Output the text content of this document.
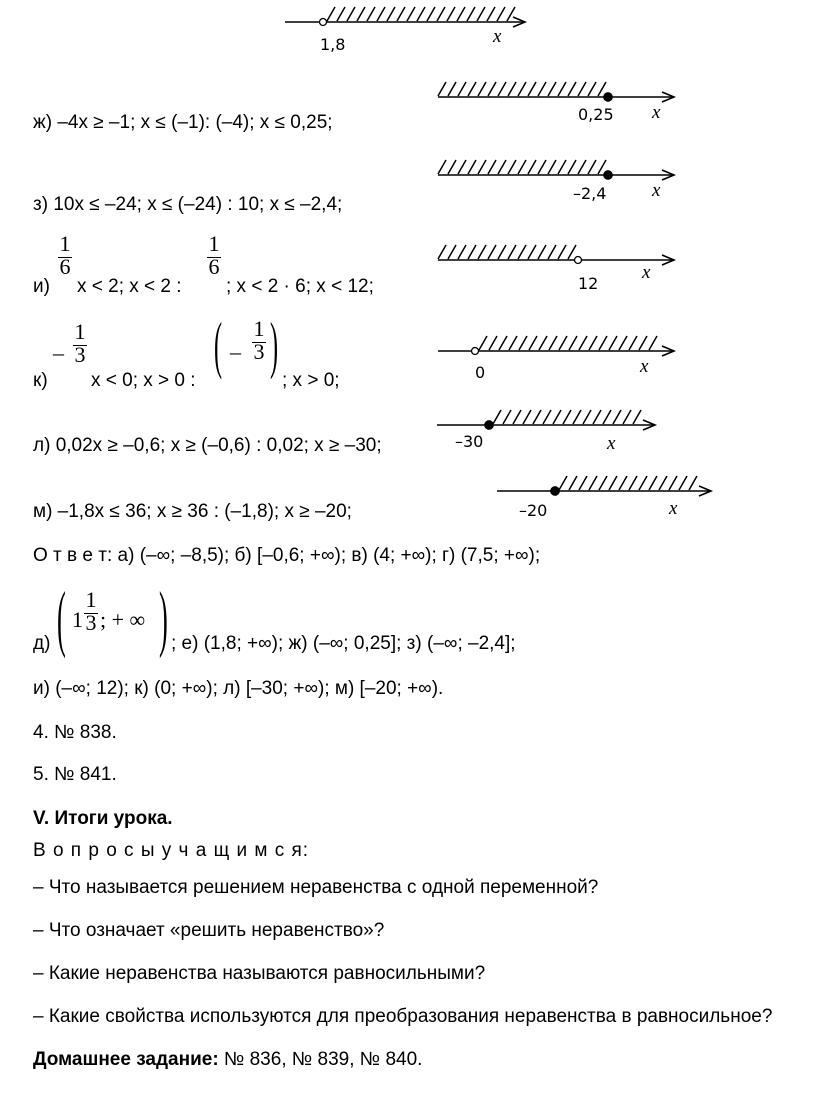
1,8	x
0,25 x
–2,4 x
12
x
0	x
–30	x
–20	x
ж) –4x ≥ –1; x ≤ (–1): (–4); x ≤ 0,25;
з) 10x ≤ –24; x ≤ (–24) : 10; x ≤ –2,4;
1
6
1
6
и) x < 2; x < 2 : ; x < 2 · 6; x < 12;
–
1
3
к) x < 0; x > 0 : ( –
1
3 ) ; x > 0;
л) 0,02x ≥ –0,6; x ≥ (–0,6) : 0,02; x ≥ –30;
м) –1,8x ≤ 36; x ≥ 36 : (–1,8); x ≥ –20;
О т в е т: а) (–∞; –8,5); б) [–0,6; +∞); в) (4; +∞); г) (7,5; +∞);
д) ( 1
1
3 ; + ∞ ) ; е) (1,8; +∞); ж) (–∞; 0,25]; з) (–∞; –2,4];
и) (–∞; 12); к) (0; +∞); л) [–30; +∞); м) [–20; +∞).
4. № 838.
5. № 841.
V. Итоги урока.
В о п р о с ы у ч а щ и м с я:
– Что называется решением неравенства с одной переменной?
– Что означает «решить неравенство»?
– Какие неравенства называются равносильными?
– Какие свойства используются для преобразования неравенства в равносильное?
Домашнее задание: № 836, № 839, № 840.
